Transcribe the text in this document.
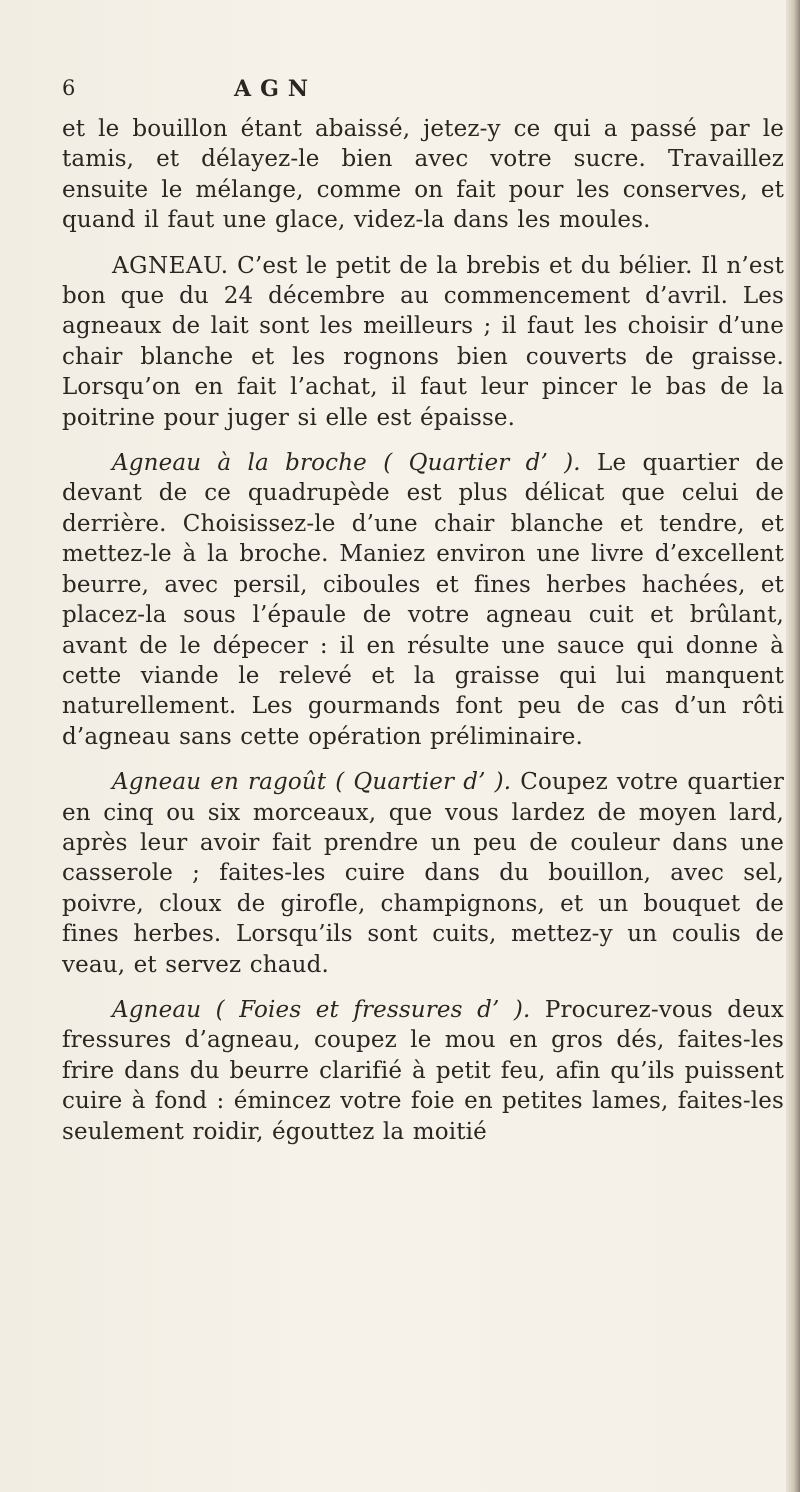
6	AGN

et le bouillon étant abaissé, jetez-y ce qui a passé par le tamis, et délayez-le bien avec votre sucre. Travaillez ensuite le mélange, comme on fait pour les conserves, et quand il faut une glace, videz-la dans les moules.

AGNEAU. C’est le petit de la brebis et du bélier. Il n’est bon que du 24 décembre au commencement d’avril. Les agneaux de lait sont les meilleurs ; il faut les choisir d’une chair blanche et les rognons bien couverts de graisse. Lorsqu’on en fait l’achat, il faut leur pincer le bas de la poitrine pour juger si elle est épaisse.

Agneau à la broche ( Quartier d’ ). Le quartier de devant de ce quadrupède est plus délicat que celui de derrière. Choisissez-le d’une chair blanche et tendre, et mettez-le à la broche. Maniez environ une livre d’excellent beurre, avec persil, ciboules et fines herbes hachées, et placez-la sous l’épaule de votre agneau cuit et brûlant, avant de le dépecer : il en résulte une sauce qui donne à cette viande le relevé et la graisse qui lui manquent naturellement. Les gourmands font peu de cas d’un rôti d’agneau sans cette opération préliminaire.

Agneau en ragoût ( Quartier d’ ). Coupez votre quartier en cinq ou six morceaux, que vous lardez de moyen lard, après leur avoir fait prendre un peu de couleur dans une casserole ; faites-les cuire dans du bouillon, avec sel, poivre, cloux de girofle, champignons, et un bouquet de fines herbes. Lorsqu’ils sont cuits, mettez-y un coulis de veau, et servez chaud.

Agneau ( Foies et fressures d’ ). Procurez-vous deux fressures d’agneau, coupez le mou en gros dés, faites-les frire dans du beurre clarifié à petit feu, afin qu’ils puissent cuire à fond : émincez votre foie en petites lames, faites-les seulement roidir, égouttez la moitié
